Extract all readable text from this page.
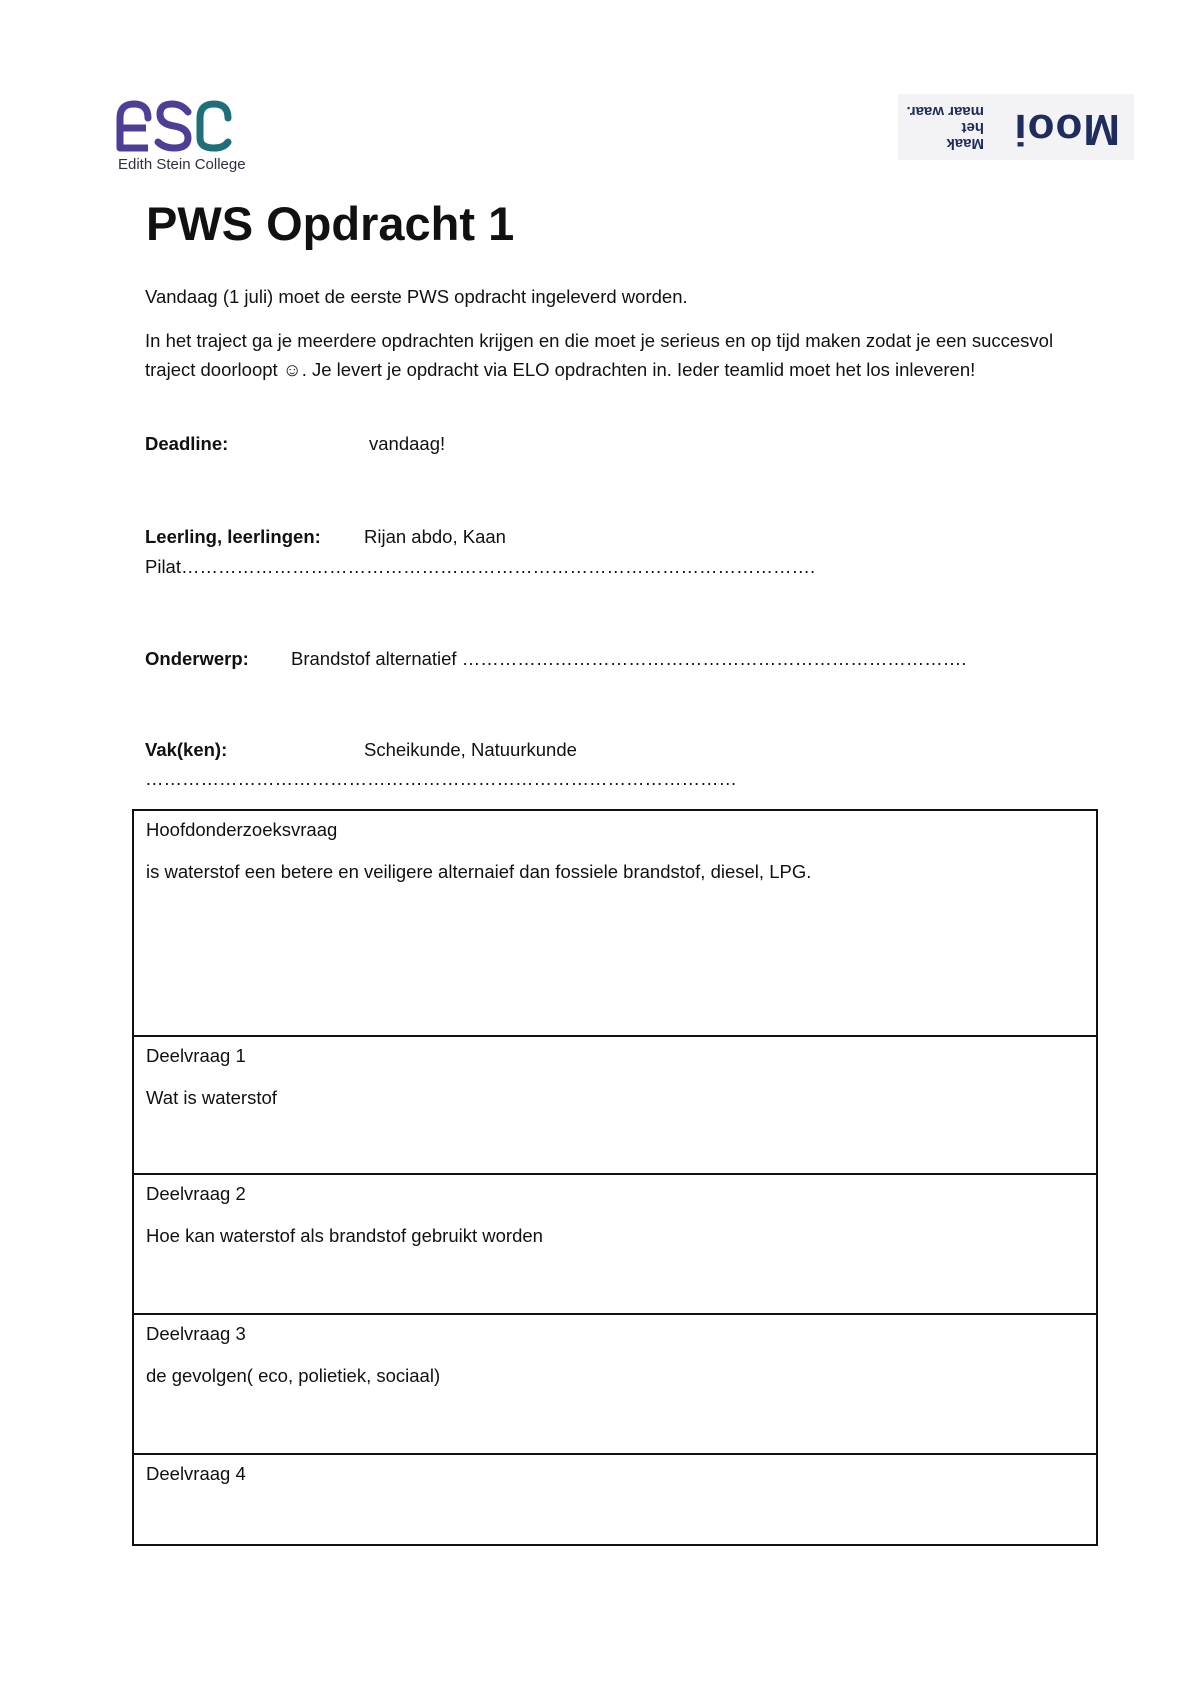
Edith Stein College
Mooi
Maak
het
maar waar.
PWS Opdracht 1
Vandaag (1 juli) moet de eerste PWS opdracht ingeleverd worden.
In het traject ga je meerdere opdrachten krijgen en die moet je serieus en op tijd maken zodat je een succesvol traject doorloopt ☺. Je levert je opdracht via ELO opdrachten in. Ieder teamlid moet het los inleveren!
Deadline:	vandaag!
Leerling, leerlingen: Rijan abdo, Kaan
Pilat………………………………………………………………………………………….
Onderwerp: Brandstof alternatief ……………………………………………………………………….
Vak(ken):	Scheikunde, Natuurkunde
……………………………………………………………………………………
Hoofdonderzoeksvraag
is waterstof een betere en veiligere alternaief dan fossiele brandstof, diesel, LPG.

Deelvraag 1
Wat is waterstof

Deelvraag 2
Hoe kan waterstof als brandstof gebruikt worden

Deelvraag 3
de gevolgen( eco, polietiek, sociaal)

Deelvraag 4
